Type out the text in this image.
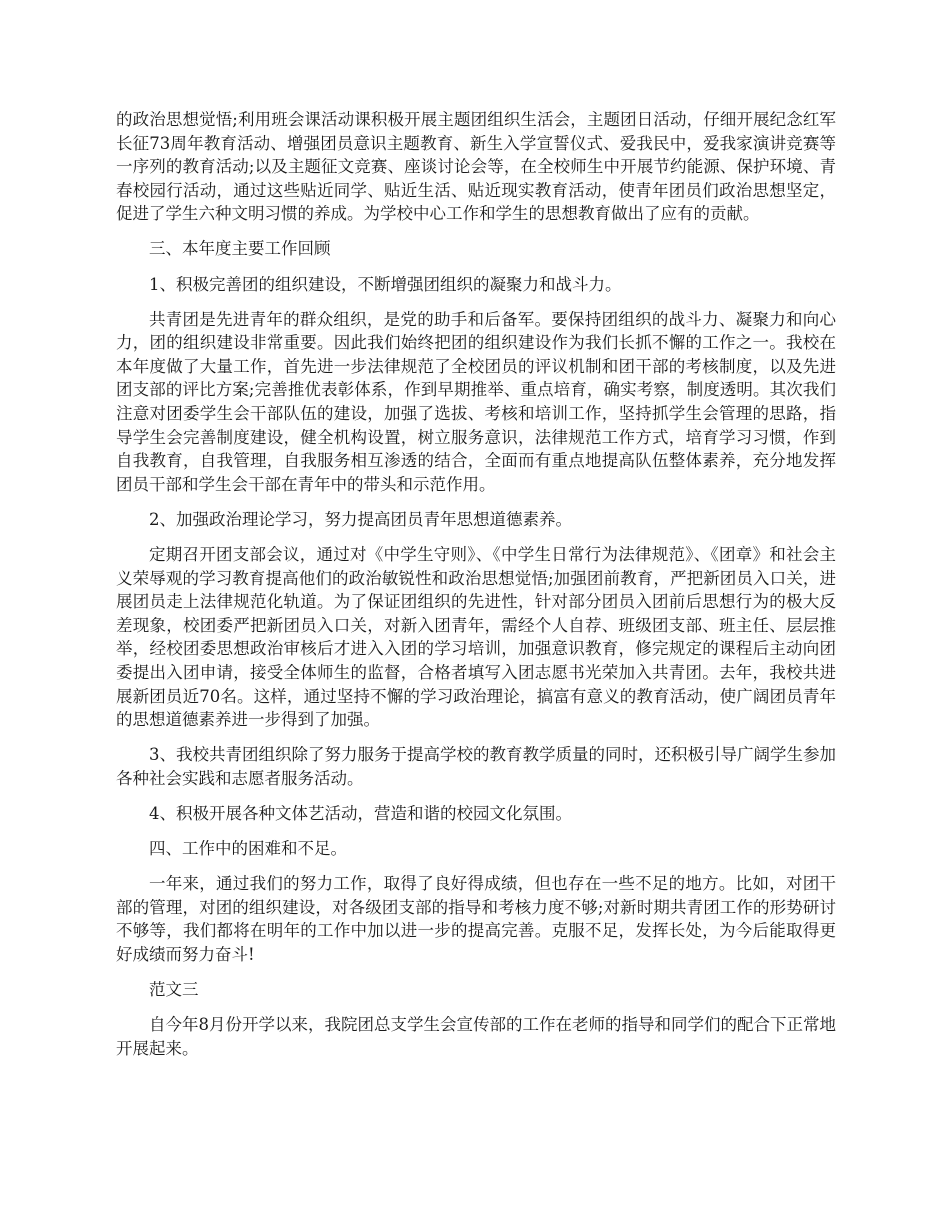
的政治思想觉悟;利用班会课活动课积极开展主题团组织生活会，主题团日活动，仔细开展纪念红军长征73周年教育活动、增强团员意识主题教育、新生入学宣誓仪式、爱我民中，爱我家演讲竞赛等一序列的教育活动;以及主题征文竞赛、座谈讨论会等，在全校师生中开展节约能源、保护环境、青春校园行活动，通过这些贴近同学、贴近生活、贴近现实教育活动，使青年团员们政治思想坚定，促进了学生六种文明习惯的养成。为学校中心工作和学生的思想教育做出了应有的贡献。

三、本年度主要工作回顾

1、积极完善团的组织建设，不断增强团组织的凝聚力和战斗力。

共青团是先进青年的群众组织，是党的助手和后备军。要保持团组织的战斗力、凝聚力和向心力，团的组织建设非常重要。因此我们始终把团的组织建设作为我们长抓不懈的工作之一。我校在本年度做了大量工作，首先进一步法律规范了全校团员的评议机制和团干部的考核制度，以及先进团支部的评比方案;完善推优表彰体系，作到早期推举、重点培育，确实考察，制度透明。其次我们注意对团委学生会干部队伍的建设，加强了选拔、考核和培训工作，坚持抓学生会管理的思路，指导学生会完善制度建设，健全机构设置，树立服务意识，法律规范工作方式，培育学习习惯，作到自我教育，自我管理，自我服务相互渗透的结合，全面而有重点地提高队伍整体素养，充分地发挥团员干部和学生会干部在青年中的带头和示范作用。

2、加强政治理论学习，努力提高团员青年思想道德素养。

定期召开团支部会议，通过对《中学生守则》、《中学生日常行为法律规范》、《团章》和社会主义荣辱观的学习教育提高他们的政治敏锐性和政治思想觉悟;加强团前教育，严把新团员入口关，进展团员走上法律规范化轨道。为了保证团组织的先进性，针对部分团员入团前后思想行为的极大反差现象，校团委严把新团员入口关，对新入团青年，需经个人自荐、班级团支部、班主任、层层推举，经校团委思想政治审核后才进入入团的学习培训，加强意识教育，修完规定的课程后主动向团委提出入团申请，接受全体师生的监督，合格者填写入团志愿书光荣加入共青团。去年，我校共进展新团员近70名。这样，通过坚持不懈的学习政治理论，搞富有意义的教育活动，使广阔团员青年的思想道德素养进一步得到了加强。

3、我校共青团组织除了努力服务于提高学校的教育教学质量的同时，还积极引导广阔学生参加各种社会实践和志愿者服务活动。

4、积极开展各种文体艺活动，营造和谐的校园文化氛围。

四、工作中的困难和不足。

一年来，通过我们的努力工作，取得了良好得成绩，但也存在一些不足的地方。比如，对团干部的管理，对团的组织建设，对各级团支部的指导和考核力度不够;对新时期共青团工作的形势研讨不够等，我们都将在明年的工作中加以进一步的提高完善。克服不足，发挥长处，为今后能取得更好成绩而努力奋斗!

范文三

自今年8月份开学以来，我院团总支学生会宣传部的工作在老师的指导和同学们的配合下正常地开展起来。
